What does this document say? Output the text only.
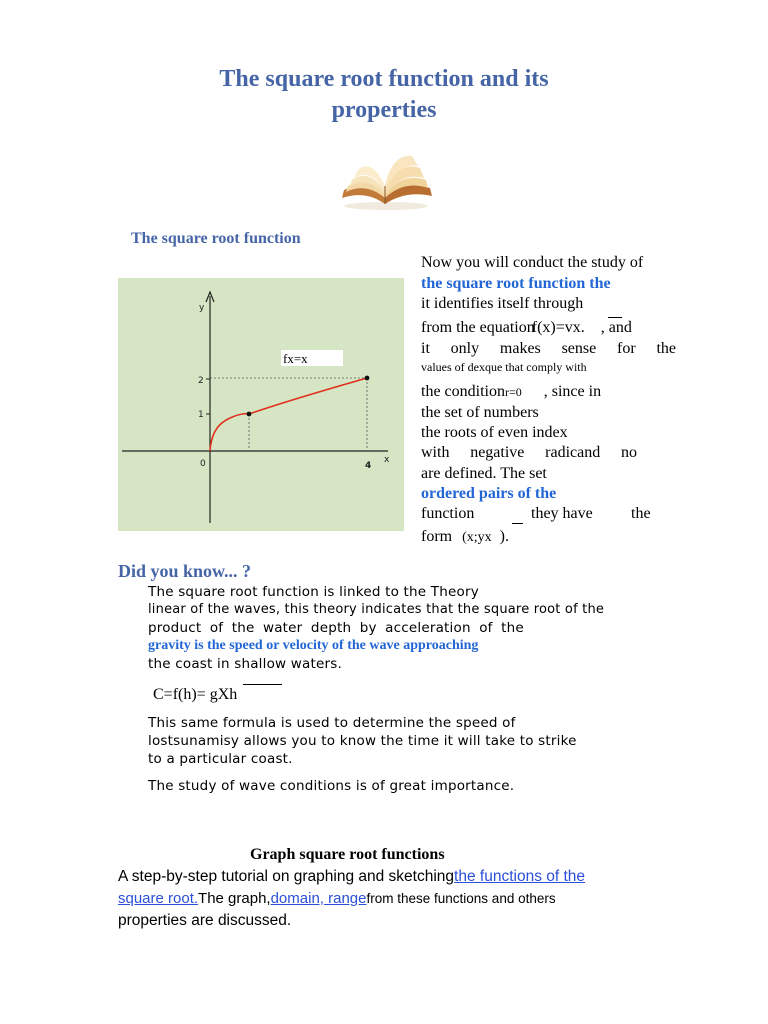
The square root function and its
properties
The square root function
fx=x
y
x
2
1
0	4
Now you will conduct the study of
the square root function the
it identifies itself through
from the equationf(x)=vx. , and
it only makes sense for the
values of dexque that comply with
the conditionr=0 , since in
the set of numbers
the roots of even index
with negative radicand no
are defined. The set
ordered pairs of the
function	they have the
form (x;yx ).
Did you know... ?
The square root function is linked to the Theory
linear of the waves, this theory indicates that the square root of the
product of the water depth by acceleration of the
gravity is the speed or velocity of the wave approaching
the coast in shallow waters.
C=f(h)= gXh
This same formula is used to determine the speed of
lostsunamisy allows you to know the time it will take to strike
to a particular coast.
The study of wave conditions is of great importance.
Graph square root functions
A step-by-step tutorial on graphing and sketchingthe functions of the
square root.The graph,domain, rangefrom these functions and others
properties are discussed.
